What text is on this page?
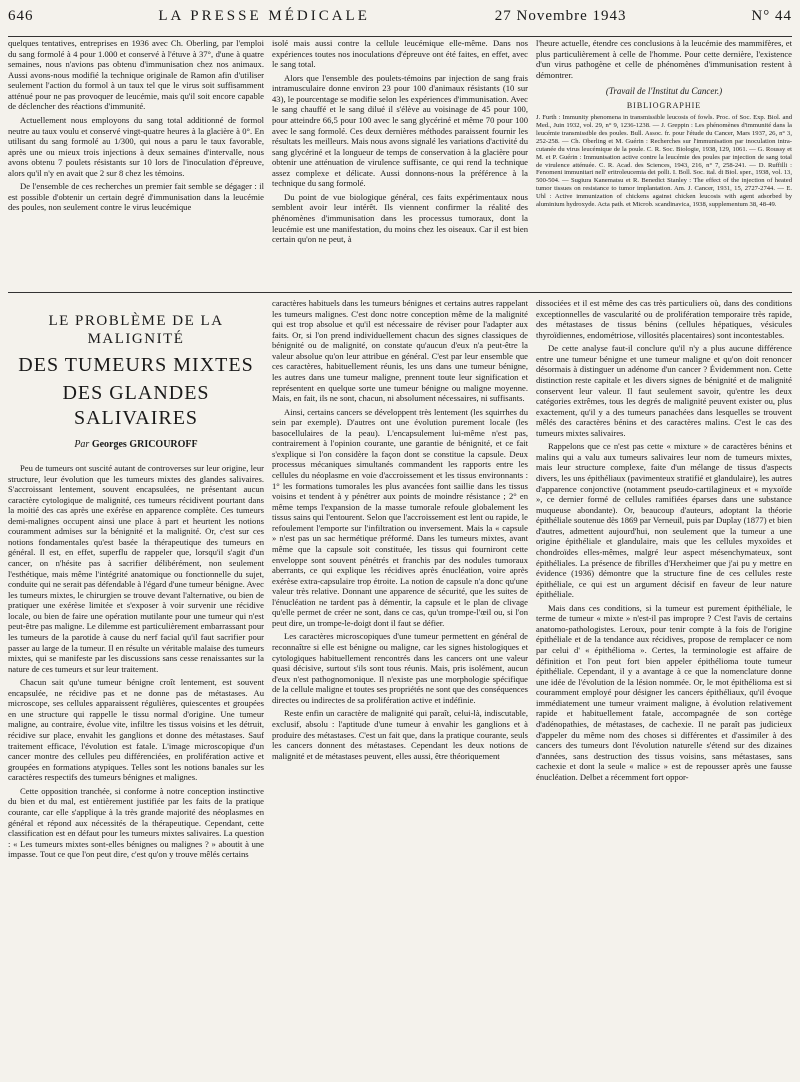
646	LA PRESSE MÉDICALE	27 Novembre 1943	N° 44

quelques tentatives, entreprises en 1936 avec Ch. Oberling, par l'emploi du sang formolé à 4 pour 1.000 et conservé à l'étuve à 37°, d'une à quatre semaines, nous n'avions pas obtenu d'immunisation chez nos animaux. Aussi avons-nous modifié la technique originale de Ramon afin d'utiliser seulement l'action du formol à un taux tel que le virus soit suffisamment atténué pour ne pas provoquer de leucémie, mais qu'il soit encore capable de déclencher des réactions d'immunité.

Actuellement nous employons du sang total additionné de formol neutre au taux voulu et conservé vingt-quatre heures à la glacière à 0°. En utilisant du sang formolé au 1/300, qui nous a paru le taux favorable, après une ou mieux trois injections à deux semaines d'intervalle, nous avons obtenu 7 poulets résistants sur 10 lors de l'inoculation d'épreuve, alors qu'il n'y en avait que 2 sur 8 chez les témoins.

De l'ensemble de ces recherches un premier fait semble se dégager : il est possible d'obtenir un certain degré d'immunisation dans la leucémie des poules, non seulement contre le virus leucémique

isolé mais aussi contre la cellule leucémique elle-même. Dans nos expériences toutes nos inoculations d'épreuve ont été faites, en effet, avec le sang total.

Alors que l'ensemble des poulets-témoins par injection de sang frais intramusculaire donne environ 23 pour 100 d'animaux résistants (10 sur 43), le pourcentage se modifie selon les expériences d'immunisation. Avec le sang chauffé et le sang dilué il s'élève au voisinage de 45 pour 100, pour atteindre 66,5 pour 100 avec le sang glycériné et même 70 pour 100 avec le sang formolé. Ces deux dernières méthodes paraissent fournir les résultats les meilleurs. Mais nous avons signalé les variations d'activité du sang glycériné et la longueur de temps de conservation à la glacière pour obtenir une atténuation de virulence suffisante, ce qui rend la technique assez complexe et délicate. Aussi donnons-nous la préférence à la technique du sang formolé.

Du point de vue biologique général, ces faits expérimentaux nous semblent avoir leur intérêt. Ils viennent confirmer la réalité des phénomènes d'immunisation dans les processus tumoraux, dont la leucémie est une manifestation, du moins chez les oiseaux. Car il est bien certain qu'on ne peut, à

l'heure actuelle, étendre ces conclusions à la leucémie des mammifères, et plus particulièrement à celle de l'homme. Pour cette dernière, l'existence d'un virus pathogène et celle de phénomènes d'immunisation restent à démontrer.

(Travail de l'Institut du Cancer.)
BIBLIOGRAPHIE
J. Furth : Immunity phenomena in transmissible leucosis of fowls. Proc. of Soc. Exp. Biol. and Med., Juin 1932, vol. 29, n° 9, 1236-1238. — J. Greppin : Les phénomènes d'immunité dans la leucémie transmissible des poules. Bull. Assoc. fr. pour l'étude du Cancer, Mars 1937, 26, n° 3, 252-258. — Ch. Oberling et M. Guérin : Recherches sur l'immunisation par inoculation intra-cutanée du virus leucémique de la poule. C. R. Soc. Biologie, 1938, 129, 1061. — G. Roussy et M. et P. Guérin : Immunisation active contre la leucémie des poules par injection de sang total de virulence atténuée. C. R. Acad. des Sciences, 1943, 216, n° 7, 258-241. — D. Ruffilli : Fenomeni immunitari nell' eritroleucemia dei polli. I. Boll. Soc. ital. di Biol. sper., 1938, vol. 13, 500-504. — Sugiura Kanematsu et R. Benedict Stanley : The effect of the injection of heated tumor tissues on resistance to tumor implantation. Am. J. Cancer, 1931, 15, 2727-2744. — E. Uhl : Active immunization of chickens against chicken leucosis with agent adsorbed by aluminium hydroxyde. Acta path. et Microb. scandinavica, 1938, supplementum 38, 48-49.
LE PROBLÈME DE LA MALIGNITÉ
DES TUMEURS MIXTES
DES GLANDES SALIVAIRES
Par Georges GRICOUROFF

Peu de tumeurs ont suscité autant de controverses sur leur origine, leur structure, leur évolution que les tumeurs mixtes des glandes salivaires. S'accroissant lentement, souvent encapsulées, ne présentant aucun caractère cytologique de malignité, ces tumeurs récidivent pourtant dans la moitié des cas après une exérèse en apparence complète. Ces tumeurs demi-malignes occupent ainsi une place à part et heurtent les notions couramment admises sur la bénignité et la malignité. Or, c'est sur ces notions fondamentales qu'est basée la thérapeutique des tumeurs en général. Il est, en effet, superflu de rappeler que, lorsqu'il s'agit d'un cancer, on n'hésite pas à sacrifier délibérément, non seulement l'esthétique, mais même l'intégrité anatomique ou fonctionnelle du sujet, conduite qui ne serait pas défendable à l'égard d'une tumeur bénigne. Avec les tumeurs mixtes, le chirurgien se trouve devant l'alternative, ou bien de pratiquer une exérèse limitée et s'exposer à voir survenir une récidive locale, ou bien de faire une opération mutilante pour une tumeur qui n'est peut-être pas maligne. Le dilemme est particulièrement embarrassant pour les tumeurs de la parotide à cause du nerf facial qu'il faut sacrifier pour passer au large de la tumeur. Il en résulte un véritable malaise des tumeurs mixtes, qui se manifeste par les discussions sans cesse renaissantes sur la nature de ces tumeurs et sur leur traitement.

Chacun sait qu'une tumeur bénigne croît lentement, est souvent encapsulée, ne récidive pas et ne donne pas de métastases. Au microscope, ses cellules apparaissent régulières, quiescentes et groupées en une structure qui rappelle le tissu normal d'origine. Une tumeur maligne, au contraire, évolue vite, infiltre les tissus voisins et les détruit, récidive sur place, envahit les ganglions et donne des métastases. Sauf traitement efficace, l'évolution est fatale. L'image microscopique d'un cancer montre des cellules peu différenciées, en prolifération active et groupées en formations atypiques. Telles sont les notions banales sur les caractères respectifs des tumeurs bénignes et malignes.

Cette opposition tranchée, si conforme à notre conception instinctive du bien et du mal, est entièrement justifiée par les faits de la pratique courante, car elle s'applique à la très grande majorité des néoplasmes en général et répond aux nécessités de la thérapeutique. Cependant, cette classification est en défaut pour les tumeurs mixtes salivaires. La question : « Les tumeurs mixtes sont-elles bénignes ou malignes ? » aboutit à une impasse. Tout ce que l'on peut dire, c'est qu'on y trouve mêlés certains

caractères habituels dans les tumeurs bénignes et certains autres rappelant les tumeurs malignes. C'est donc notre conception même de la malignité qui est trop absolue et qu'il est nécessaire de réviser pour l'adapter aux faits. Or, si l'on prend individuellement chacun des signes classiques de bénignité ou de malignité, on constate qu'aucun d'eux n'a peut-être la valeur absolue qu'on leur attribue en général. C'est par leur ensemble que ces caractères, habituellement réunis, les uns dans une tumeur bénigne, les autres dans une tumeur maligne, prennent toute leur signification et représentent en quelque sorte une tumeur bénigne ou maligne moyenne. Mais, en fait, ils ne sont, chacun, ni absolument nécessaires, ni suffisants.

Ainsi, certains cancers se développent très lentement (les squirrhes du sein par exemple). D'autres ont une évolution purement locale (les basocellulaires de la peau). L'encapsulement lui-même n'est pas, contrairement à l'opinion courante, une garantie de bénignité, et ce fait s'explique si l'on considère la façon dont se constitue la capsule. Deux processus mécaniques simultanés commandent les rapports entre les cellules du néoplasme en voie d'accroissement et les tissus environnants : 1° les formations tumorales les plus avancées font saillie dans les tissus voisins et tendent à y pénétrer aux points de moindre résistance ; 2° en même temps l'expansion de la masse tumorale refoule globalement les tissus sains qui l'entourent. Selon que l'accroissement est lent ou rapide, le refoulement l'emporte sur l'infiltration ou inversement. Mais la « capsule » n'est pas un sac hermétique préformé. Dans les tumeurs mixtes, avant même que la capsule soit constituée, les tissus qui fourniront cette enveloppe sont souvent pénétrés et franchis par des nodules tumoraux aberrants, ce qui explique les récidives après énucléation, voire après exérèse extra-capsulaire trop étroite. La notion de capsule n'a donc qu'une valeur très relative. Donnant une apparence de sécurité, que les suites de l'énucléation ne tardent pas à démentir, la capsule et le plan de clivage qu'elle permet de créer ne sont, dans ce cas, qu'un trompe-l'œil ou, si l'on peut dire, un trompe-le-doigt dont il faut se défier.

Les caractères microscopiques d'une tumeur permettent en général de reconnaître si elle est bénigne ou maligne, car les signes histologiques et cytologiques habituellement rencontrés dans les cancers ont une valeur quasi décisive, surtout s'ils sont tous réunis. Mais, pris isolément, aucun d'eux n'est pathognomonique. Il n'existe pas une morphologie spécifique de la cellule maligne et toutes ses propriétés ne sont que des conséquences directes ou indirectes de sa prolifération active et indéfinie.

Reste enfin un caractère de malignité qui paraît, celui-là, indiscutable, exclusif, absolu : l'aptitude d'une tumeur à envahir les ganglions et à produire des métastases. C'est un fait que, dans la pratique courante, seuls les cancers donnent des métastases. Cependant les deux notions de malignité et de métastases peuvent, elles aussi, être théoriquement

dissociées et il est même des cas très particuliers où, dans des conditions exceptionnelles de vascularité ou de prolifération temporaire très rapide, des métastases de tissus bénins (cellules hépatiques, vésicules thyroïdiennes, endométriose, villosités placentaires) sont incontestables.

De cette analyse faut-il conclure qu'il n'y a plus aucune différence entre une tumeur bénigne et une tumeur maligne et qu'on doit renoncer désormais à distinguer un adénome d'un cancer ? Évidemment non. Cette distinction reste capitale et les divers signes de bénignité et de malignité conservent leur valeur. Il faut seulement savoir, qu'entre les deux catégories extrêmes, tous les degrés de malignité peuvent exister ou, plus exactement, qu'il y a des tumeurs panachées dans lesquelles se trouvent mêlés des caractères bénins et des caractères malins. C'est le cas des tumeurs mixtes salivaires.

Rappelons que ce n'est pas cette « mixture » de caractères bénins et malins qui a valu aux tumeurs salivaires leur nom de tumeurs mixtes, mais leur structure complexe, faite d'un mélange de tissus d'aspects divers, les uns épithéliaux (pavimenteux stratifié et glandulaire), les autres d'apparence conjonctive (notamment pseudo-cartilagineux et « myxoïde », ce dernier formé de cellules ramifiées éparses dans une substance muqueuse abondante). Or, beaucoup d'auteurs, adoptant la théorie épithéliale soutenue dès 1869 par Verneuil, puis par Duplay (1877) et bien d'autres, admettent aujourd'hui, non seulement que la tumeur a une origine épithéliale et glandulaire, mais que les cellules myxoïdes et chondroïdes elles-mêmes, malgré leur aspect mésenchymateux, sont épithéliales. La présence de fibrilles d'Herxheimer que j'ai pu y mettre en évidence (1936) démontre que la structure fine de ces cellules reste épithéliale, ce qui est un argument décisif en faveur de leur nature épithéliale.

Mais dans ces conditions, si la tumeur est purement épithéliale, le terme de tumeur « mixte » n'est-il pas impropre ? C'est l'avis de certains anatomo-pathologistes. Leroux, pour tenir compte à la fois de l'origine épithéliale et de la tendance aux récidives, propose de remplacer ce nom par celui d' « épithélioma ». Certes, la terminologie est affaire de définition et l'on peut fort bien appeler épithélioma toute tumeur épithéliale. Cependant, il y a avantage à ce que la nomenclature donne une idée de l'évolution de la lésion nommée. Or, le mot épithélioma est si couramment employé pour désigner les cancers épithéliaux, qu'il évoque immédiatement une tumeur vraiment maligne, à évolution relativement rapide et habituellement fatale, accompagnée de son cortège d'adénopathies, de métastases, de cachexie. Il ne paraît pas judicieux d'appeler du même nom des choses si différentes et d'assimiler à des cancers des tumeurs dont l'évolution naturelle s'étend sur des dizaines d'années, sans destruction des tissus voisins, sans métastases, sans cachexie et dont la seule « malice » est de repousser après une fausse énucléation. Delbet a récemment fort oppor-
